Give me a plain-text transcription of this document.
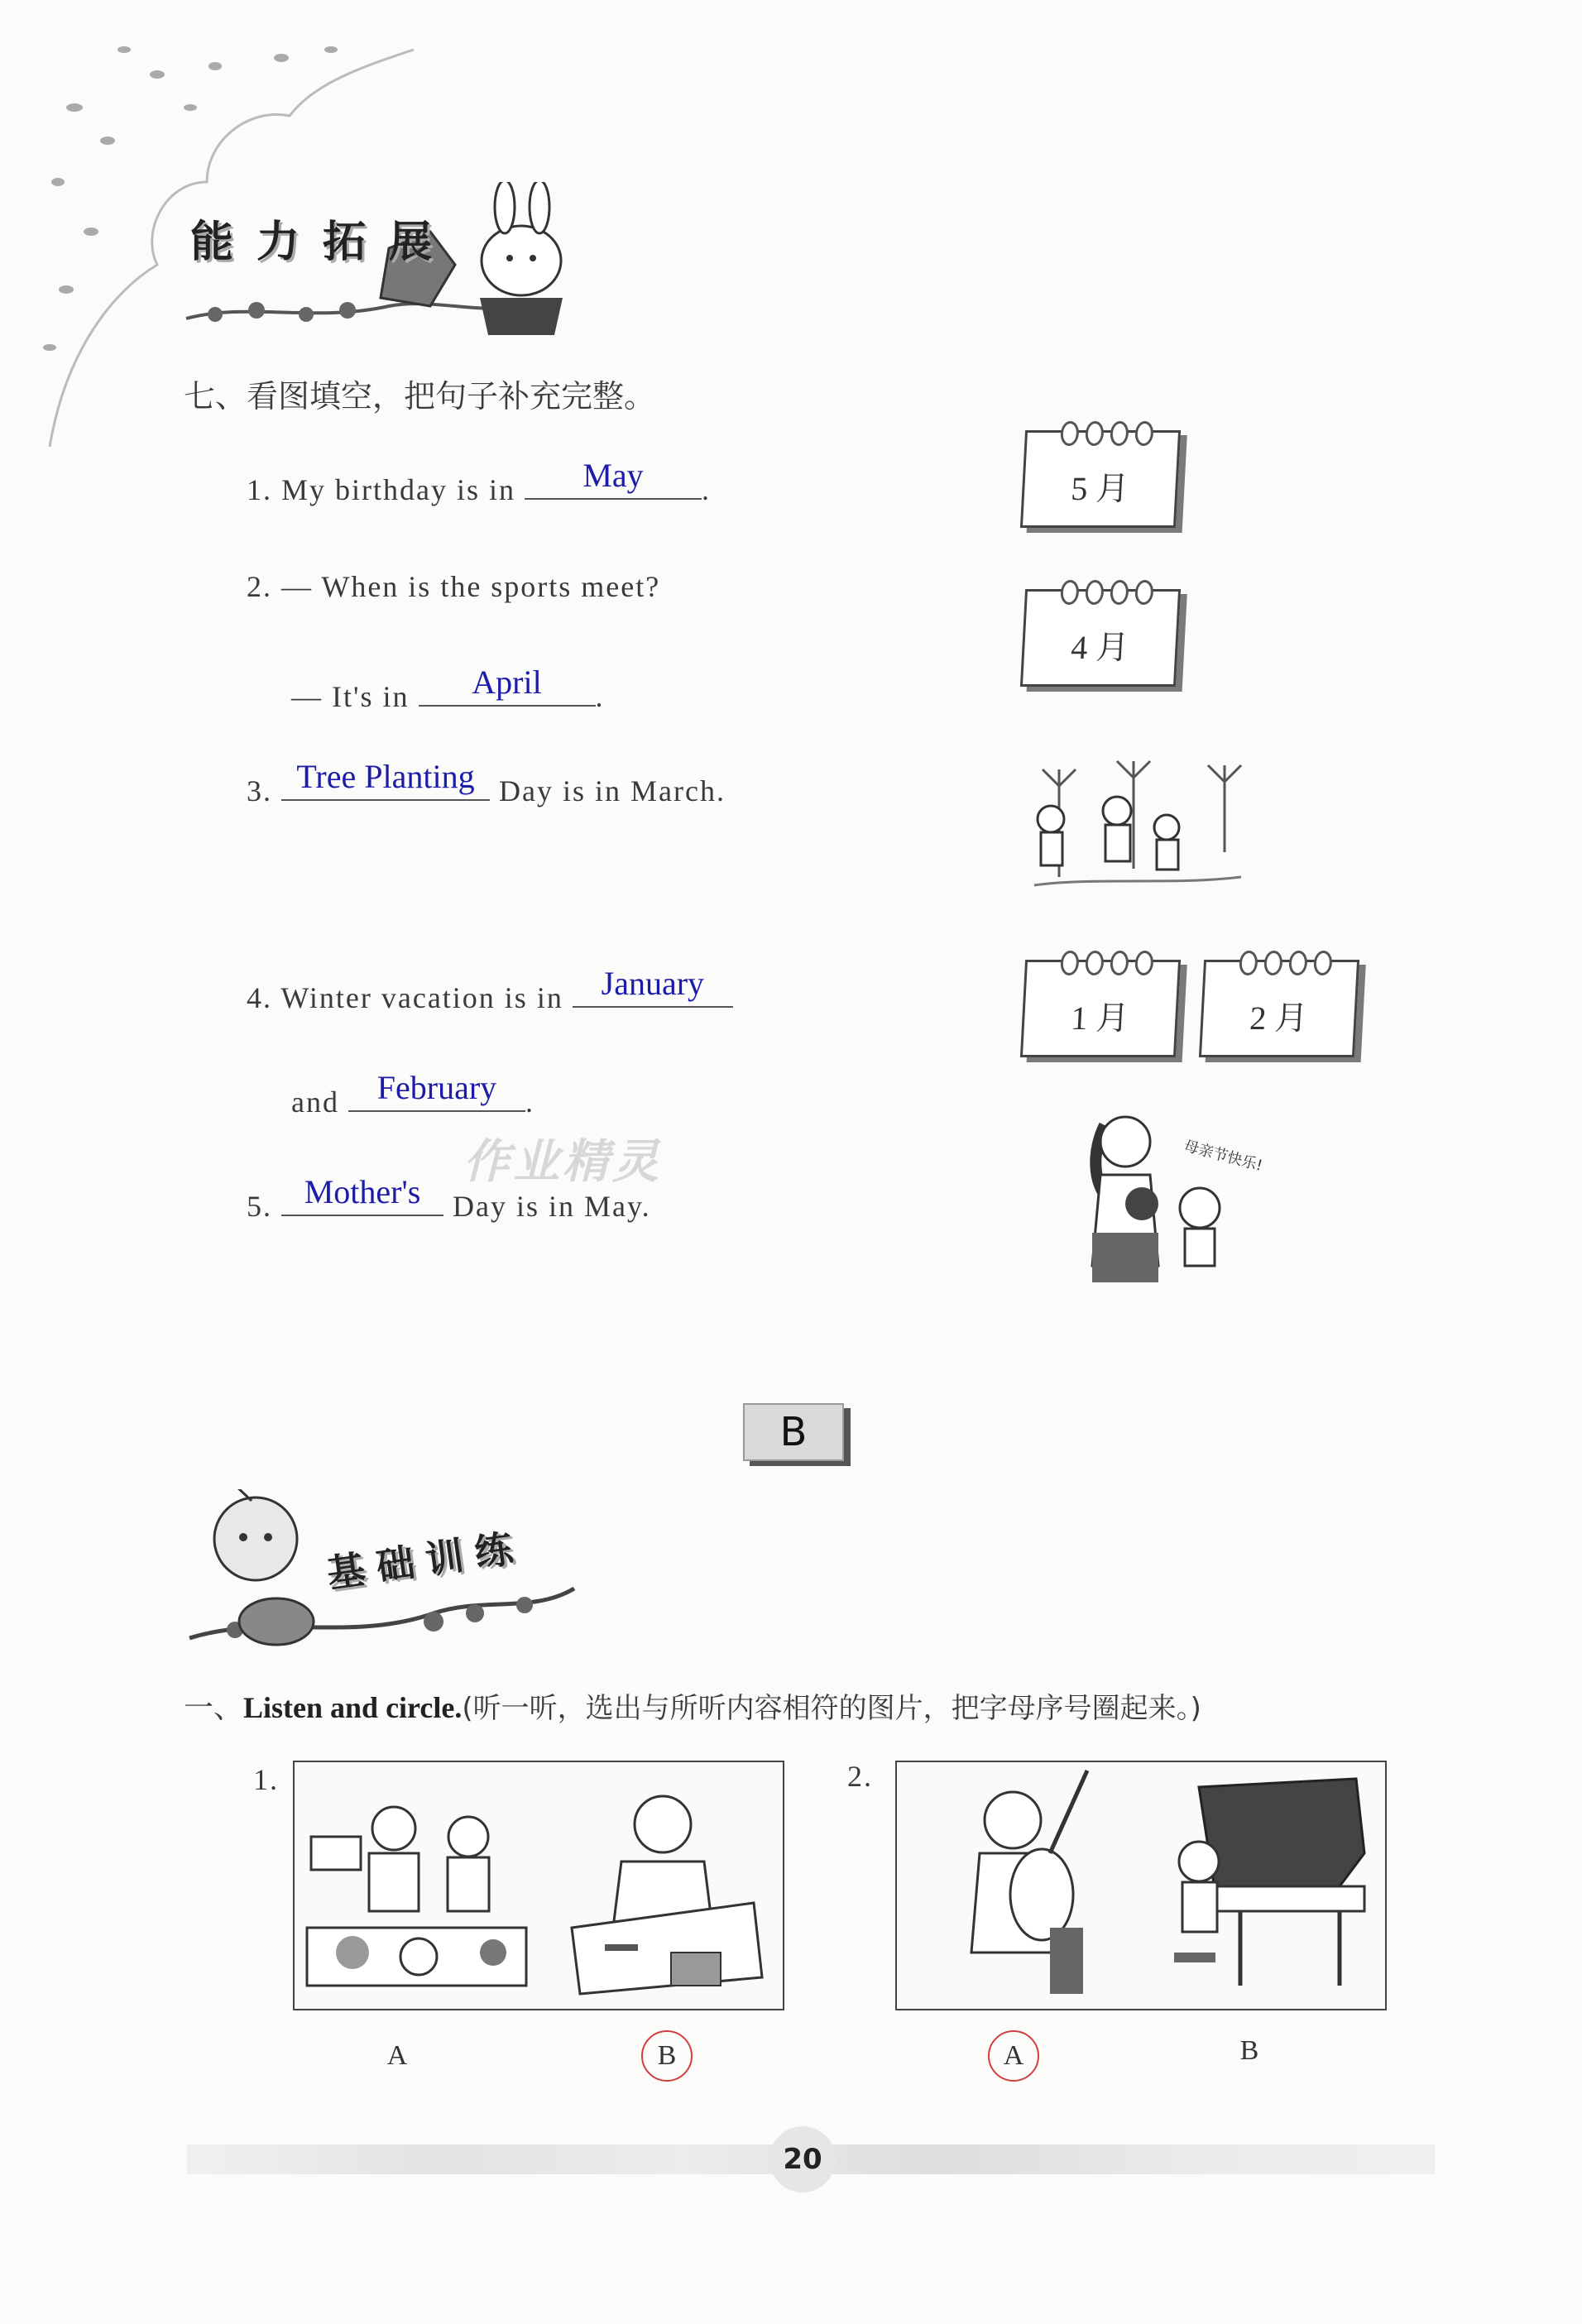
能力拓展
七、看图填空，把句子补充完整。
1. My birthday is in	May	.
2. — When is the sports meet?
— It's in	April	.
3. Tree Planting Day is in March.
4. Winter vacation is in	January
and	February .
5. Mother's	Day is in May.
作业精灵
5 月
4 月
1 月	2 月
母亲节快乐!
B
基础训练
一、Listen and circle.(听一听，选出与所听内容相符的图片，把字母序号圈起来。)
1.
A	B
2.
A	B
20
